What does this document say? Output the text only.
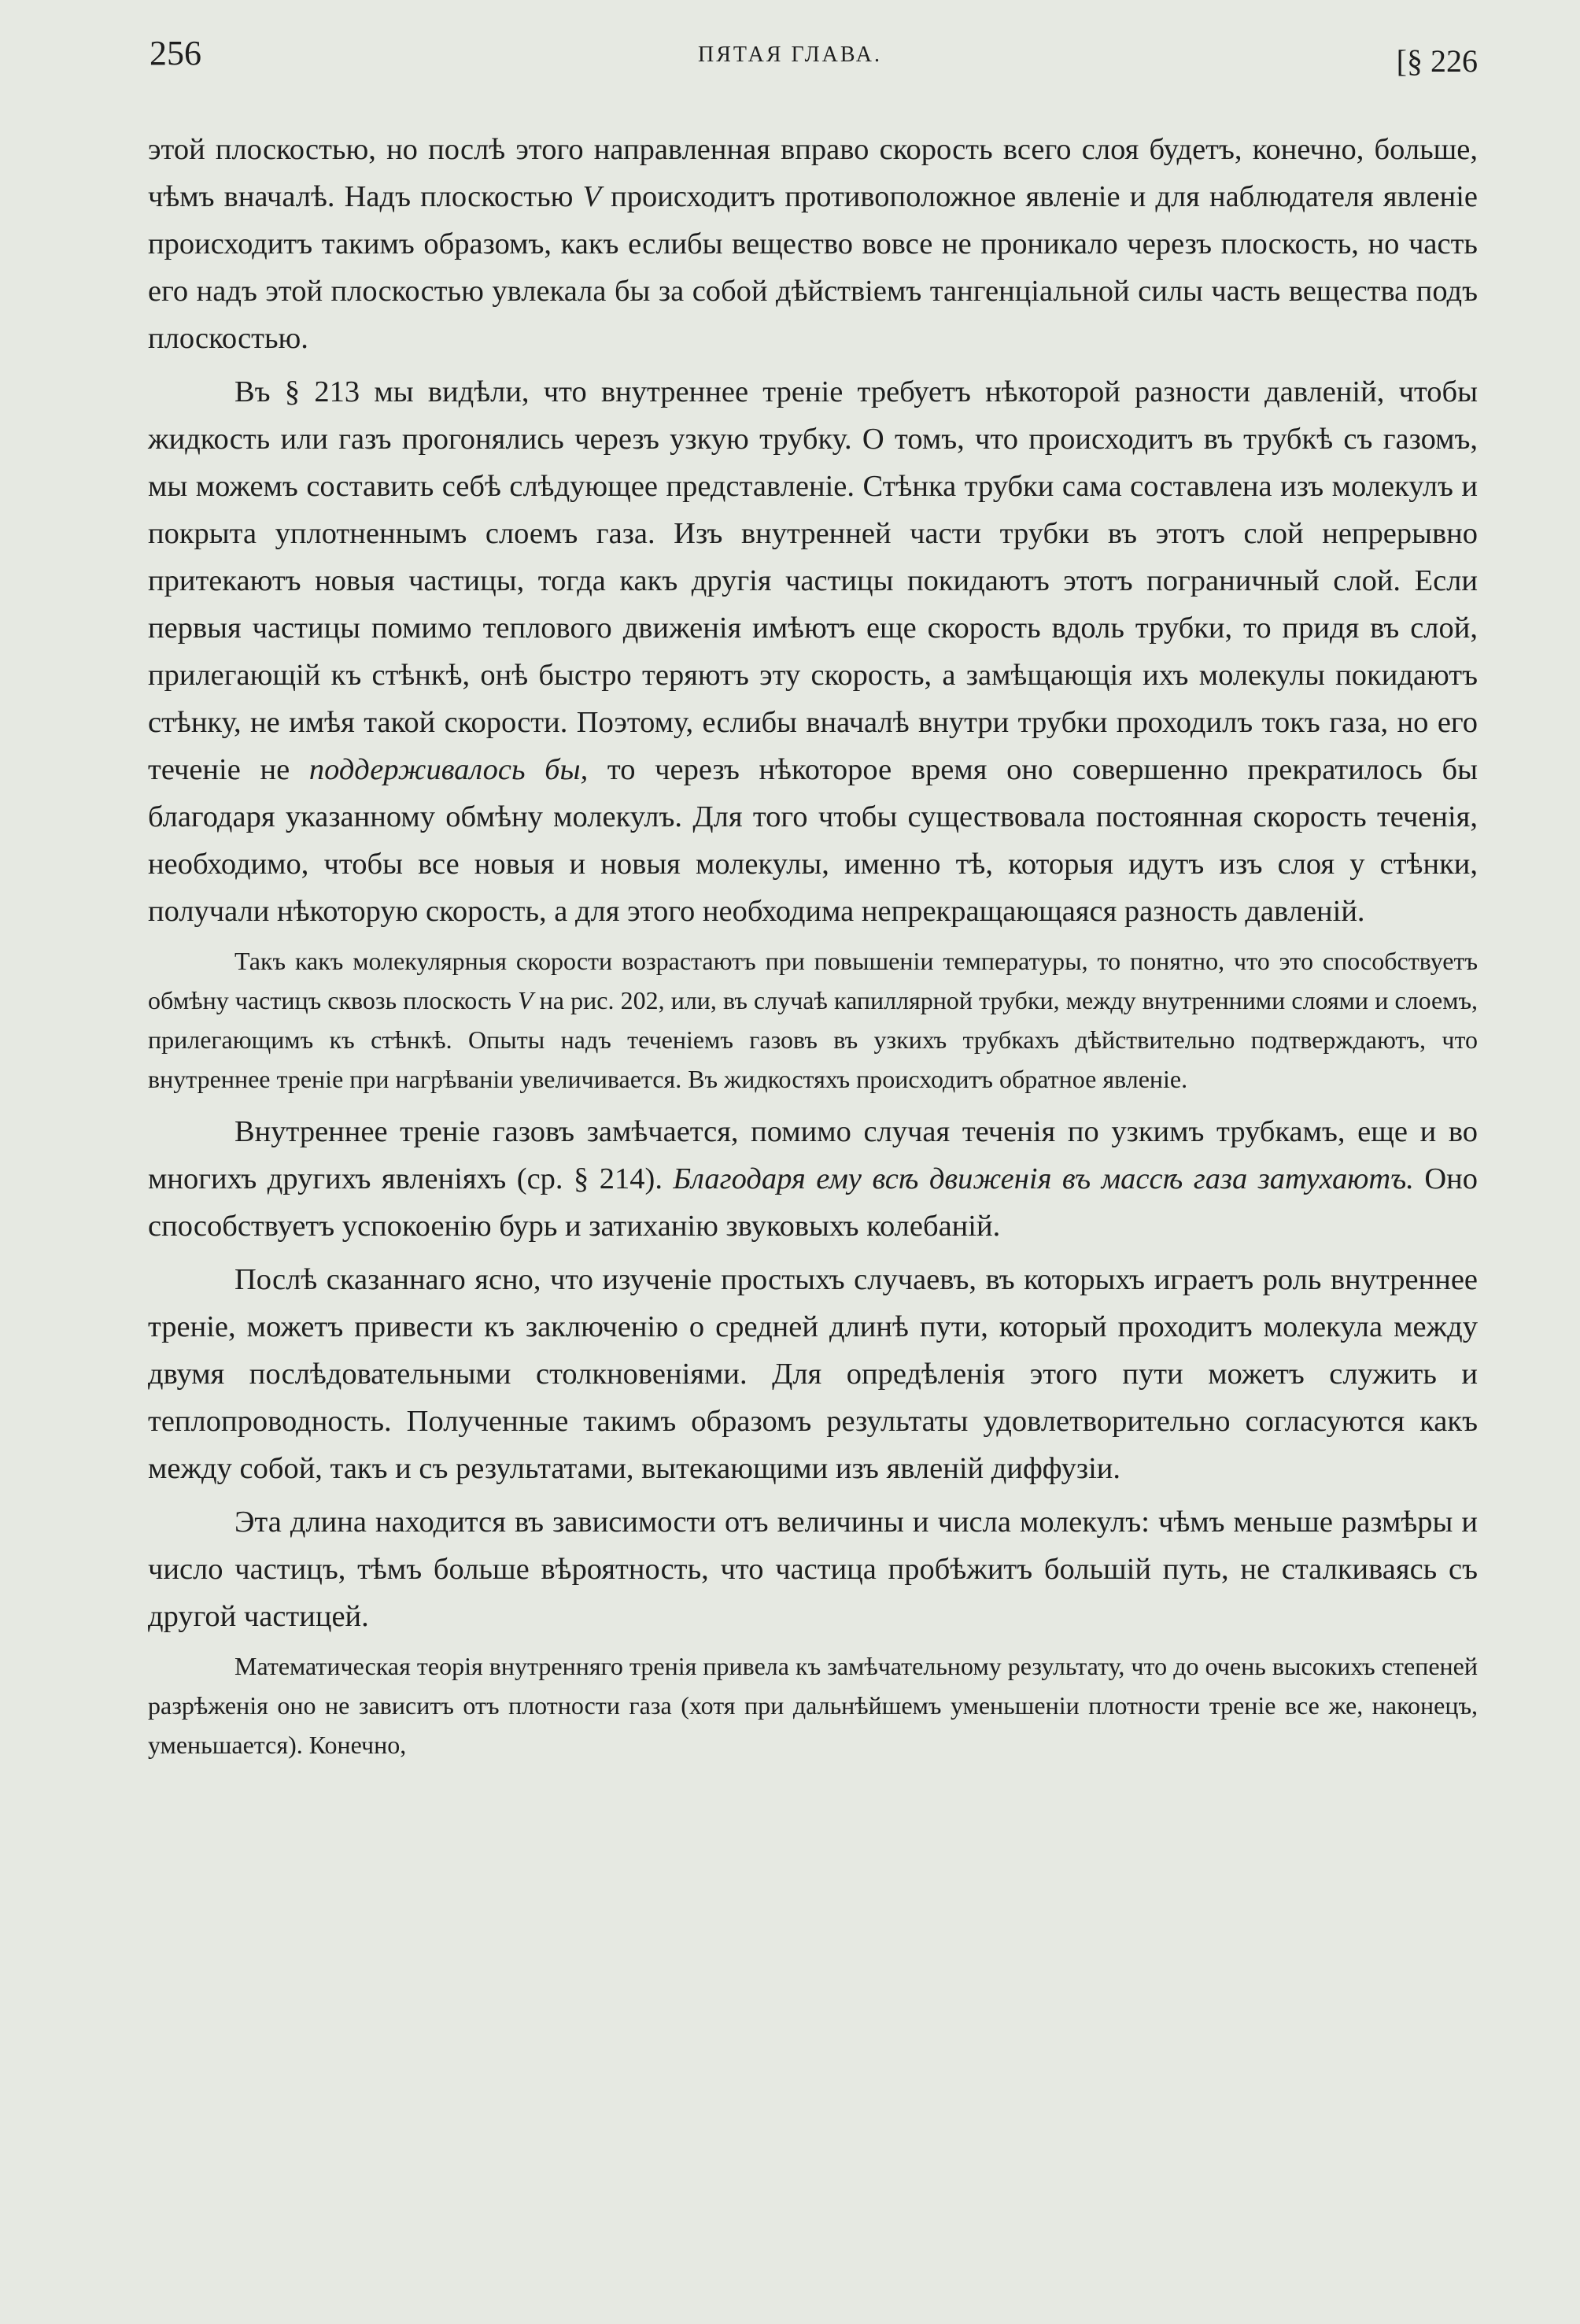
256	ПЯТАЯ ГЛАВА.	[§ 226

этой плоскостью, но послѣ этого направленная вправо скорость всего слоя будетъ, конечно, больше, чѣмъ вначалѣ. Надъ плоскостью V происходитъ противоположное явленіе и для наблюдателя явленіе происходитъ такимъ образомъ, какъ еслибы вещество вовсе не проникало черезъ плоскость, но часть его надъ этой плоскостью увлекала бы за собой дѣйствіемъ тангенціальной силы часть вещества подъ плоскостью.

Въ § 213 мы видѣли, что внутреннее треніе требуетъ нѣкоторой разности давленій, чтобы жидкость или газъ прогонялись черезъ узкую трубку. О томъ, что происходитъ въ трубкѣ съ газомъ, мы можемъ составить себѣ слѣдующее представленіе. Стѣнка трубки сама составлена изъ молекулъ и покрыта уплотненнымъ слоемъ газа. Изъ внутренней части трубки въ этотъ слой непрерывно притекаютъ новыя частицы, тогда какъ другія частицы покидаютъ этотъ пограничный слой. Если первыя частицы помимо теплового движенія имѣютъ еще скорость вдоль трубки, то придя въ слой, прилегающій къ стѣнкѣ, онѣ быстро теряютъ эту скорость, а замѣщающія ихъ молекулы покидаютъ стѣнку, не имѣя такой скорости. Поэтому, еслибы вначалѣ внутри трубки проходилъ токъ газа, но его теченіе не поддерживалось бы, то черезъ нѣкоторое время оно совершенно прекратилось бы благодаря указанному обмѣну молекулъ. Для того чтобы существовала постоянная скорость теченія, необходимо, чтобы все новыя и новыя молекулы, именно тѣ, которыя идутъ изъ слоя у стѣнки, получали нѣкоторую скорость, а для этого необходима непрекращающаяся разность давленій.

Такъ какъ молекулярныя скорости возрастаютъ при повышеніи температуры, то понятно, что это способствуетъ обмѣну частицъ сквозь плоскость V на рис. 202, или, въ случаѣ капиллярной трубки, между внутренними слоями и слоемъ, прилегающимъ къ стѣнкѣ. Опыты надъ теченіемъ газовъ въ узкихъ трубкахъ дѣйствительно подтверждаютъ, что внутреннее треніе при нагрѣваніи увеличивается. Въ жидкостяхъ происходитъ обратное явленіе.

Внутреннее треніе газовъ замѣчается, помимо случая теченія по узкимъ трубкамъ, еще и во многихъ другихъ явленіяхъ (ср. § 214). Благодаря ему всѣ движенія въ массѣ газа затухаютъ. Оно способствуетъ успокоенію бурь и затиханію звуковыхъ колебаній.

Послѣ сказаннаго ясно, что изученіе простыхъ случаевъ, въ которыхъ играетъ роль внутреннее треніе, можетъ привести къ заключенію о средней длинѣ пути, который проходитъ молекула между двумя послѣдовательными столкновеніями. Для опредѣленія этого пути можетъ служить и теплопроводность. Полученные такимъ образомъ результаты удовлетворительно согласуются какъ между собой, такъ и съ результатами, вытекающими изъ явленій диффузіи.

Эта длина находится въ зависимости отъ величины и числа молекулъ: чѣмъ меньше размѣры и число частицъ, тѣмъ больше вѣроятность, что частица пробѣжитъ большій путь, не сталкиваясь съ другой частицей.

Математическая теорія внутренняго тренія привела къ замѣчательному результату, что до очень высокихъ степеней разрѣженія оно не зависитъ отъ плотности газа (хотя при дальнѣйшемъ уменьшеніи плотности треніе все же, наконецъ, уменьшается). Конечно,
